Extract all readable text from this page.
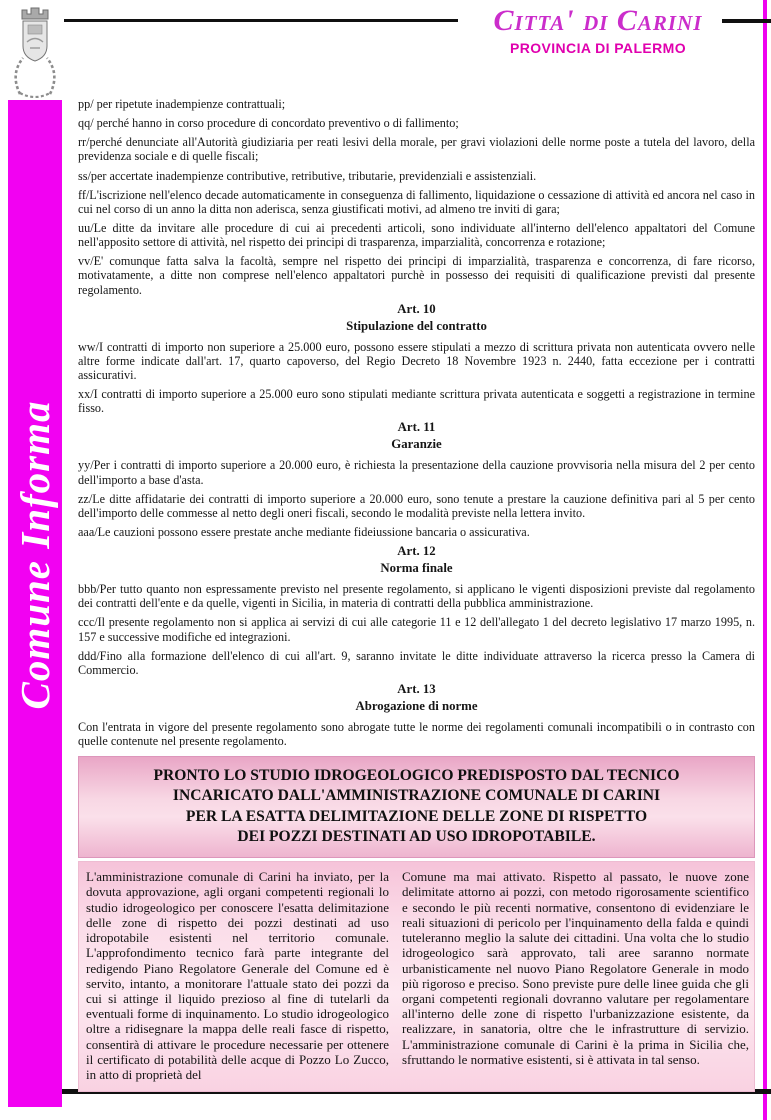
Citta' di Carini
PROVINCIA DI PALERMO
Comune Informa

pp/ per ripetute inadempienze contrattuali;

qq/ perché hanno in corso procedure di concordato preventivo o di fallimento;

rr/perché denunciate all'Autorità giudiziaria per reati lesivi della morale, per gravi violazioni delle norme poste a tutela del lavoro, della previdenza sociale e di quelle fiscali;

ss/per accertate inadempienze contributive, retributive, tributarie, previdenziali e assistenziali.

ff/L'iscrizione nell'elenco decade automaticamente in conseguenza di fallimento, liquidazione o cessazione di attività ed ancora nel caso in cui nel corso di un anno la ditta non aderisca, senza giustificati motivi, ad almeno tre inviti di gara;

uu/Le ditte da invitare alle procedure di cui ai precedenti articoli, sono individuate all'interno dell'elenco appaltatori del Comune nell'apposito settore di attività, nel rispetto dei principi di trasparenza, imparzialità, concorrenza e rotazione;

vv/E' comunque fatta salva la facoltà, sempre nel rispetto dei principi di imparzialità, trasparenza e concorrenza, di fare ricorso, motivatamente, a ditte non comprese nell'elenco appaltatori purchè in possesso dei requisiti di qualificazione previsti dal presente regolamento.

Art. 10
Stipulazione del contratto

ww/I contratti di importo non superiore a 25.000 euro, possono essere stipulati a mezzo di scrittura privata non autenticata ovvero nelle altre forme indicate dall'art. 17, quarto capoverso, del Regio Decreto 18 Novembre 1923 n. 2440, fatta eccezione per i contratti assicurativi.

xx/I contratti di importo superiore a 25.000 euro sono stipulati mediante scrittura privata autenticata e soggetti a registrazione in termine fisso.

Art. 11
Garanzie

yy/Per i contratti di importo superiore a 20.000 euro, è richiesta la presentazione della cauzione provvisoria nella misura del 2 per cento dell'importo a base d'asta.

zz/Le ditte affidatarie dei contratti di importo superiore a 20.000 euro, sono tenute a prestare la cauzione definitiva pari al 5 per cento dell'importo delle commesse al netto degli oneri fiscali, secondo le modalità previste nella lettera invito.

aaa/Le cauzioni possono essere prestate anche mediante fideiussione bancaria o assicurativa.

Art. 12
Norma finale

bbb/Per tutto quanto non espressamente previsto nel presente regolamento, si applicano le vigenti disposizioni previste dal regolamento dei contratti dell'ente e da quelle, vigenti in Sicilia, in materia di contratti della pubblica amministrazione.

ccc/Il presente regolamento non si applica ai servizi di cui alle categorie 11 e 12 dell'allegato 1 del decreto legislativo 17 marzo 1995, n. 157 e successive modifiche ed integrazioni.

ddd/Fino alla formazione dell'elenco di cui all'art. 9, saranno invitate le ditte individuate attraverso la ricerca presso la Camera di Commercio.

Art. 13
Abrogazione di norme

Con l'entrata in vigore del presente regolamento sono abrogate tutte le norme dei regolamenti comunali incompatibili o in contrasto con quelle contenute nel presente regolamento.

PRONTO LO STUDIO IDROGEOLOGICO PREDISPOSTO DAL TECNICO
INCARICATO DALL'AMMINISTRAZIONE COMUNALE DI CARINI
PER LA ESATTA DELIMITAZIONE DELLE ZONE DI RISPETTO
DEI POZZI DESTINATI AD USO IDROPOTABILE.
L'amministrazione comunale di Carini ha inviato, per la dovuta approvazione, agli organi competenti regionali lo studio idrogeologico per conoscere l'esatta delimitazione delle zone di rispetto dei pozzi destinati ad uso idropotabile esistenti nel territorio comunale. L'approfondimento tecnico farà parte integrante del redigendo Piano Regolatore Generale del Comune ed è servito, intanto, a monitorare l'attuale stato dei pozzi da cui si attinge il liquido prezioso al fine di tutelarli da eventuali forme di inquinamento. Lo studio idrogeologico oltre a ridisegnare la mappa delle reali fasce di rispetto, consentirà di attivare le procedure necessarie per ottenere il certificato di potabilità delle acque di Pozzo Lo Zucco, in atto di proprietà del
Comune ma mai attivato. Rispetto al passato, le nuove zone delimitate attorno ai pozzi, con metodo rigorosamente scientifico e secondo le più recenti normative, consentono di evidenziare le reali situazioni di pericolo per l'inquinamento della falda e quindi tuteleranno meglio la salute dei cittadini. Una volta che lo studio idrogeologico sarà approvato, tali aree saranno normate urbanisticamente nel nuovo Piano Regolatore Generale in modo più rigoroso e preciso. Sono previste pure delle linee guida che gli organi competenti regionali dovranno valutare per regolamentare all'interno delle zone di rispetto l'urbanizzazione esistente, da realizzare, in sanatoria, oltre che le infrastrutture di servizio. L'amministrazione comunale di Carini è la prima in Sicilia che, sfruttando le normative esistenti, si è attivata in tal senso.
